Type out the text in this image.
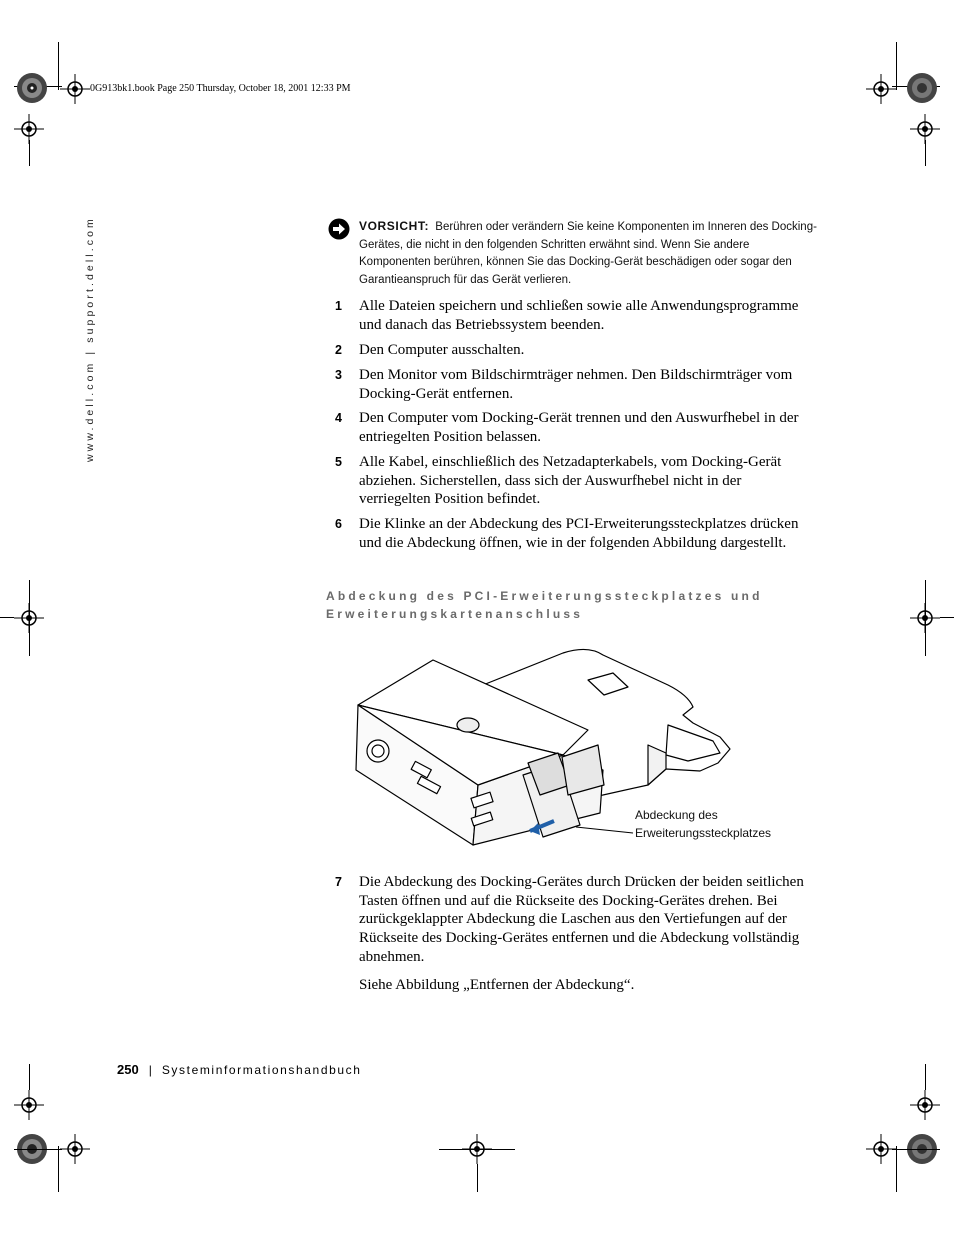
0G913bk1.book Page 250 Thursday, October 18, 2001 12:33 PM
www.dell.com | support.dell.com	VORSICHT: Berühren oder verändern Sie keine Komponenten im Inneren des Docking-Gerätes, die nicht in den folgenden Schritten erwähnt sind. Wenn Sie andere Komponenten berühren, können Sie das Docking-Gerät beschädigen oder sogar den Garantieanspruch für das Gerät verlieren.
1 Alle Dateien speichern und schließen sowie alle Anwendungsprogramme und danach das Betriebssystem beenden.
2 Den Computer ausschalten.
3 Den Monitor vom Bildschirmträger nehmen. Den Bildschirmträger vom Docking-Gerät entfernen.
4 Den Computer vom Docking-Gerät trennen und den Auswurfhebel in der entriegelten Position belassen.
5 Alle Kabel, einschließlich des Netzadapterkabels, vom Docking-Gerät abziehen. Sicherstellen, dass sich der Auswurfhebel nicht in der verriegelten Position befindet.
6 Die Klinke an der Abdeckung des PCI-Erweiterungssteckplatzes drücken und die Abdeckung öffnen, wie in der folgenden Abbildung dargestellt.
Abdeckung des PCI-Erweiterungssteckplatzes und Erweiterungskartenanschluss
Abdeckung des Erweiterungssteckplatzes
7 Die Abdeckung des Docking-Gerätes durch Drücken der beiden seitlichen Tasten öffnen und auf die Rückseite des Docking-Gerätes drehen. Bei zurückgeklappter Abdeckung die Laschen aus den Vertiefungen auf der Rückseite des Docking-Gerätes entfernen und die Abdeckung vollständig abnehmen.
Siehe Abbildung „Entfernen der Abdeckung“.
250 | Systeminformationshandbuch
